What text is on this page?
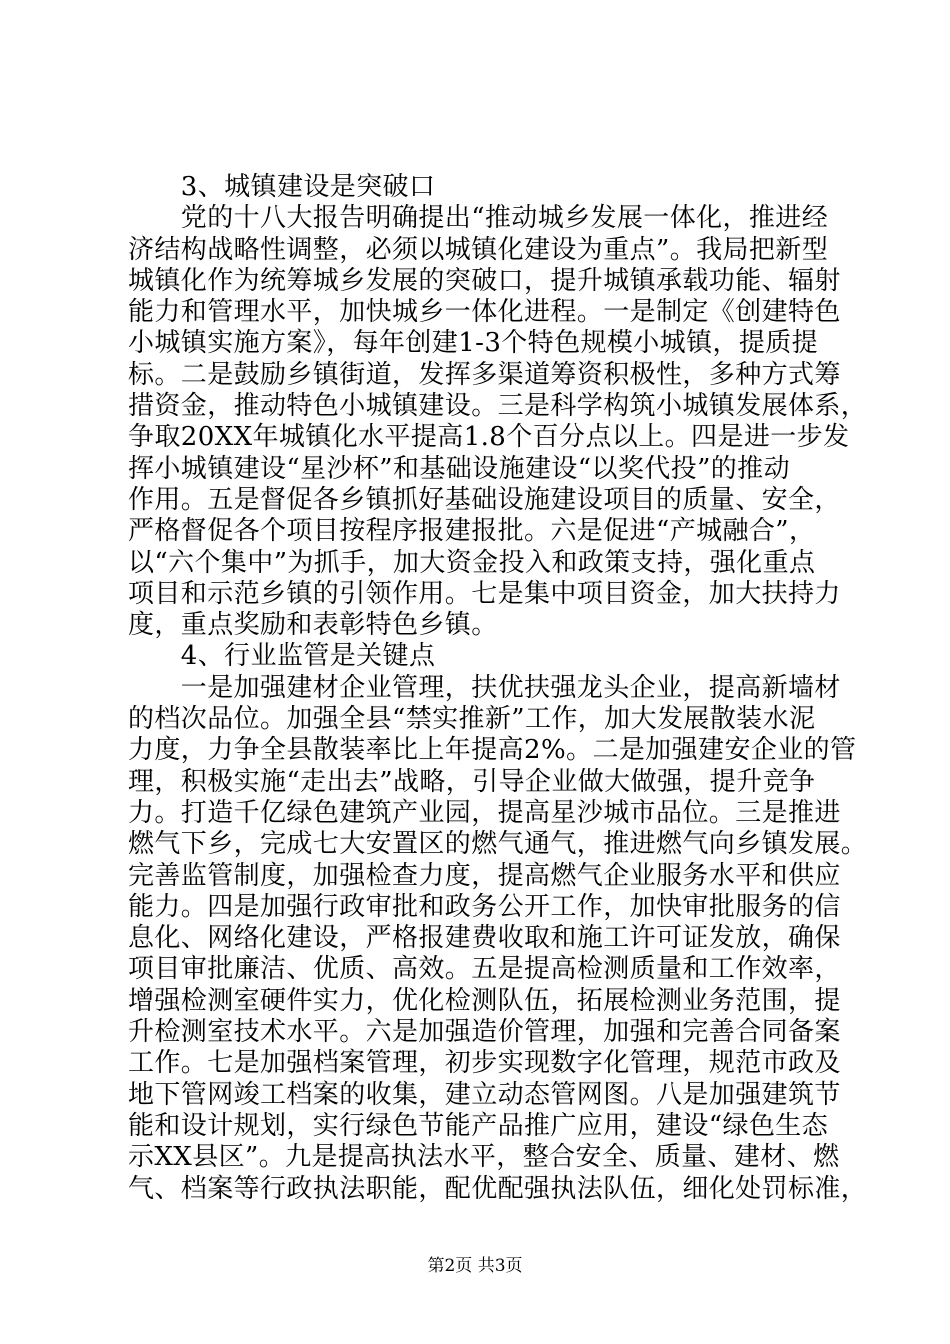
　　3、城镇建设是突破口
　　党的十八大报告明确提出“推动城乡发展一体化，推进经
济结构战略性调整，必须以城镇化建设为重点”。我局把新型
城镇化作为统筹城乡发展的突破口，提升城镇承载功能、辐射
能力和管理水平，加快城乡一体化进程。一是制定《创建特色
小城镇实施方案》，每年创建1-3个特色规模小城镇，提质提
标。二是鼓励乡镇街道，发挥多渠道筹资积极性，多种方式筹
措资金，推动特色小城镇建设。三是科学构筑小城镇发展体系，
争取20XX年城镇化水平提高1.8个百分点以上。四是进一步发
挥小城镇建设“星沙杯”和基础设施建设“以奖代投”的推动
作用。五是督促各乡镇抓好基础设施建设项目的质量、安全，
严格督促各个项目按程序报建报批。六是促进“产城融合”，
以“六个集中”为抓手，加大资金投入和政策支持，强化重点
项目和示范乡镇的引领作用。七是集中项目资金，加大扶持力
度，重点奖励和表彰特色乡镇。
　　4、行业监管是关键点
　　一是加强建材企业管理，扶优扶强龙头企业，提高新墙材
的档次品位。加强全县“禁实推新”工作，加大发展散装水泥
力度，力争全县散装率比上年提高2%。二是加强建安企业的管
理，积极实施“走出去”战略，引导企业做大做强，提升竞争
力。打造千亿绿色建筑产业园，提高星沙城市品位。三是推进
燃气下乡，完成七大安置区的燃气通气，推进燃气向乡镇发展。
完善监管制度，加强检查力度，提高燃气企业服务水平和供应
能力。四是加强行政审批和政务公开工作，加快审批服务的信
息化、网络化建设，严格报建费收取和施工许可证发放，确保
项目审批廉洁、优质、高效。五是提高检测质量和工作效率，
增强检测室硬件实力，优化检测队伍，拓展检测业务范围，提
升检测室技术水平。六是加强造价管理，加强和完善合同备案
工作。七是加强档案管理，初步实现数字化管理，规范市政及
地下管网竣工档案的收集，建立动态管网图。八是加强建筑节
能和设计规划，实行绿色节能产品推广应用，建设“绿色生态
示XX县区”。九是提高执法水平，整合安全、质量、建材、燃
气、档案等行政执法职能，配优配强执法队伍，细化处罚标准，
第2页 共3页
